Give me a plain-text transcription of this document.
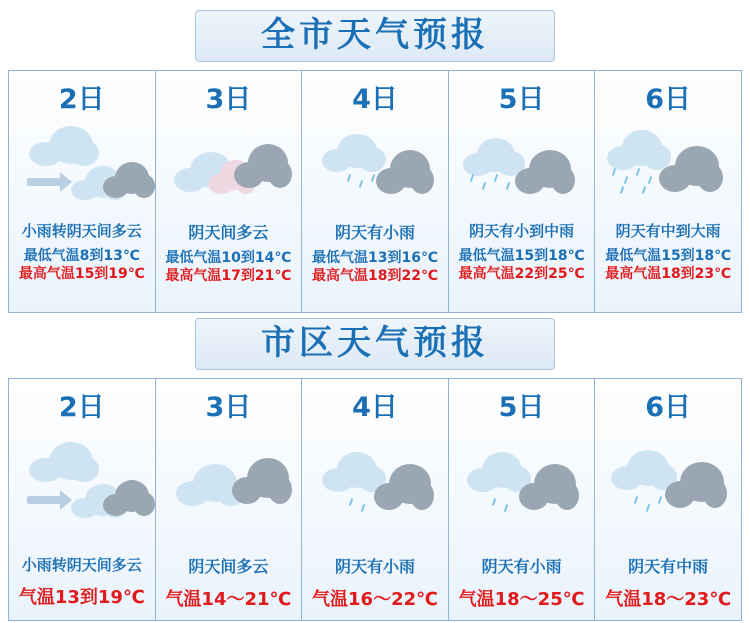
全市天气预报
2日
小雨转阴天间多云
最低气温8到13℃
最高气温15到19℃
3日
阴天间多云
最低气温10到14℃
最高气温17到21℃
4日
阴天有小雨
最低气温13到16℃
最高气温18到22℃
5日
阴天有小到中雨
最低气温15到18℃
最高气温22到25℃
6日
阴天有中到大雨
最低气温15到18℃
最高气温18到23℃
市区天气预报
2日
小雨转阴天间多云
气温13到19℃
3日
阴天间多云
气温14～21℃
4日
阴天有小雨
气温16～22℃
5日
阴天有小雨
气温18～25℃
6日
阴天有中雨
气温18～23℃
